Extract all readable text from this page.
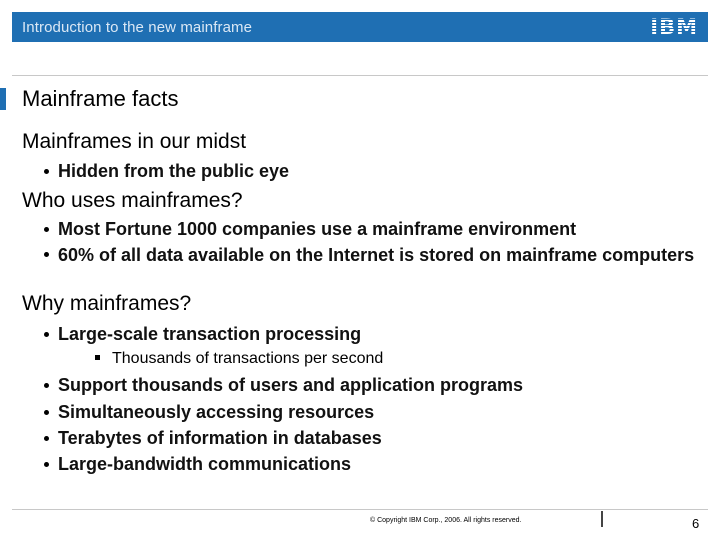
Introduction to the new mainframe	IBM
Mainframe facts
Mainframes in our midst
Hidden from the public eye
Who uses mainframes?
Most Fortune 1000 companies use a mainframe environment
60% of all data available on the Internet is stored on mainframe computers
Why mainframes?
Large-scale transaction processing
Thousands of transactions per second
Support thousands of users and application programs
Simultaneously accessing resources
Terabytes of information in databases
Large-bandwidth communications
© Copyright IBM Corp., 2006. All rights reserved.	6
